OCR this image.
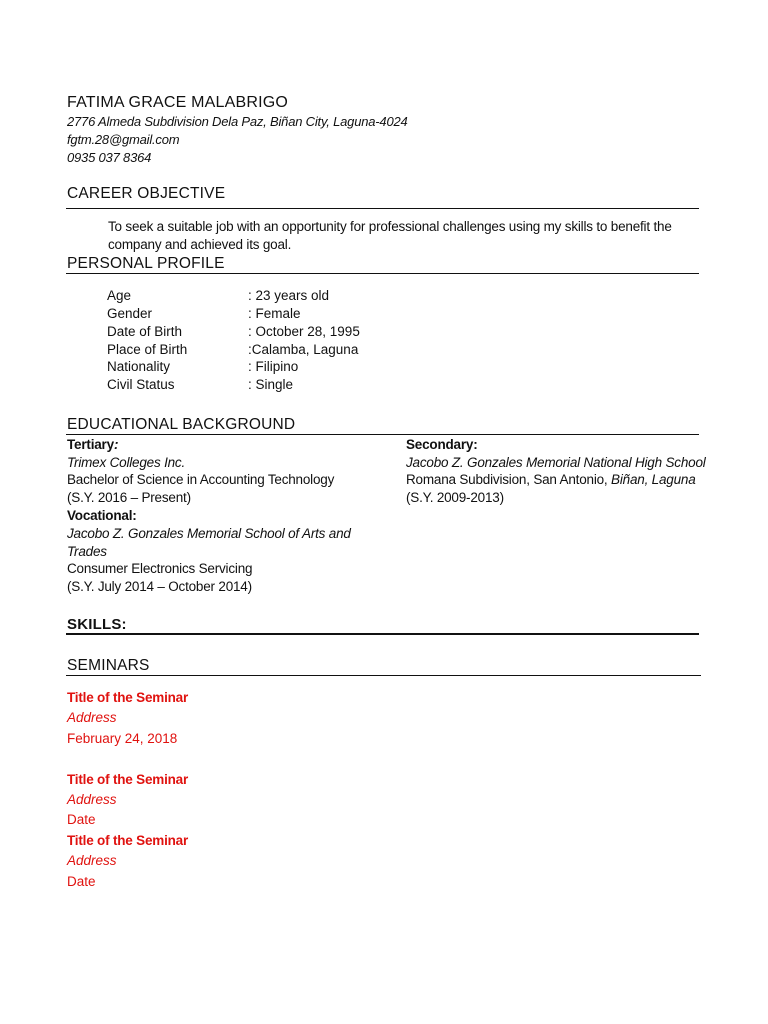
FATIMA GRACE MALABRIGO
2776 Almeda Subdivision Dela Paz, Biñan City, Laguna-4024
fgtm.28@gmail.com
0935 037 8364
CAREER OBJECTIVE
To seek a suitable job with an opportunity for professional challenges using my skills to benefit the company and achieved its goal.
PERSONAL PROFILE
Age	: 23 years old
Gender	: Female
Date of Birth	: October 28, 1995
Place of Birth	:Calamba, Laguna
Nationality	: Filipino
Civil Status	: Single
EDUCATIONAL BACKGROUND
Tertiary:
Trimex Colleges Inc.
Bachelor of Science in Accounting Technology
(S.Y. 2016 – Present)
Vocational:
Jacobo Z. Gonzales Memorial School of Arts and
Trades
Consumer Electronics Servicing
(S.Y. July 2014 – October 2014)
Secondary:
Jacobo Z. Gonzales Memorial National High School
Romana Subdivision, San Antonio, Biñan, Laguna
(S.Y. 2009-2013)
SKILLS:
SEMINARS
Title of the Seminar
Address
February 24, 2018
Title of the Seminar
Address
Date
Title of the Seminar
Address
Date
